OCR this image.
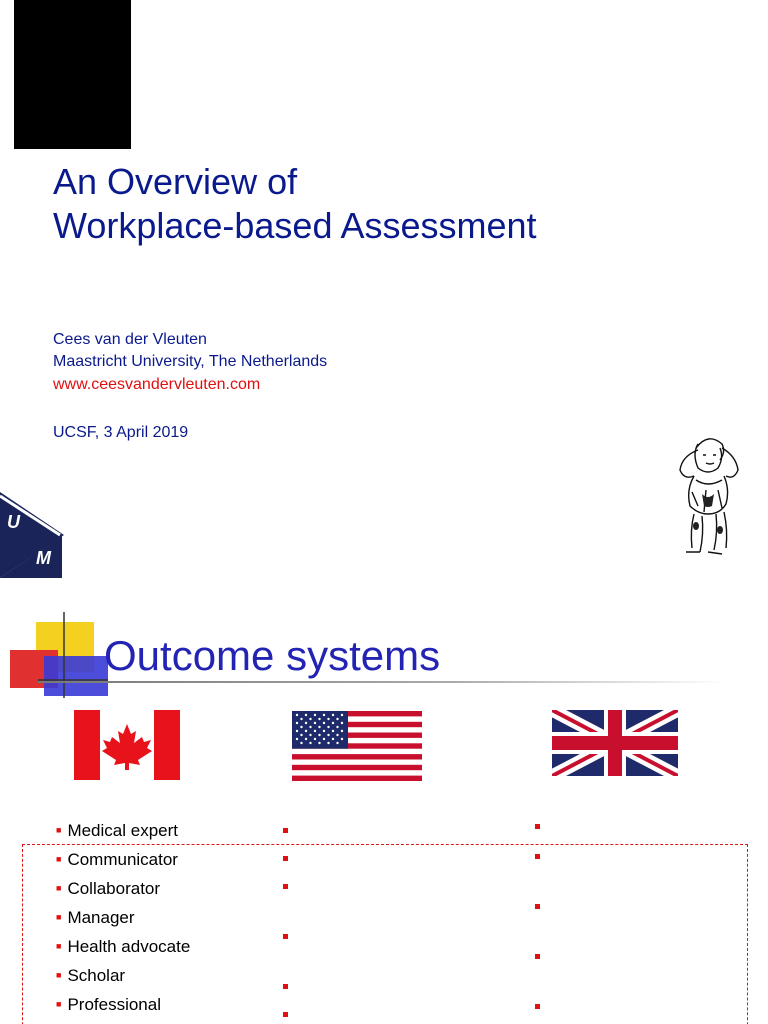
An Overview of
Workplace-based Assessment
Cees van der Vleuten
Maastricht University, The Netherlands
www.ceesvandervleuten.com
UCSF, 3 April 2019
U
M
Outcome systems
■ Medical expert
■ Communicator
■ Collaborator
■ Manager
■ Health advocate
■ Scholar
■ Professional
